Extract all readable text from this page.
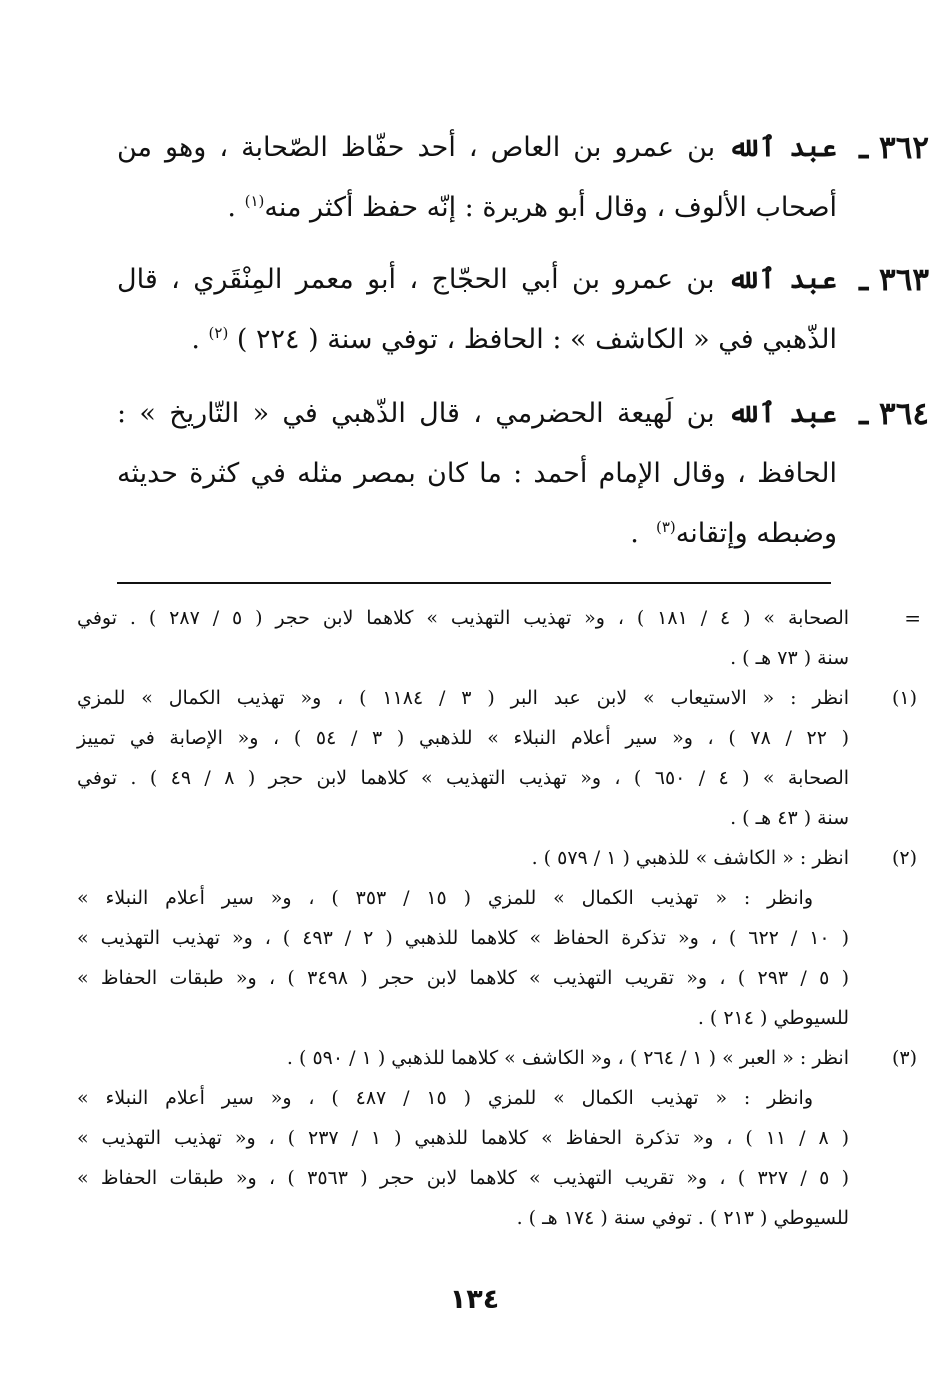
٣٦٢ ـ
عبد ٱلله بن عمرو بن العاص ، أحد حفّاظ الصّحابة ، وهو من
أصحاب الألوف ، وقال أبو هريرة : إنّه حفظ أكثر منه$^{(١)}$ .
٣٦٣ ـ
عبد ٱلله بن عمرو بن أبي الحجّاج ، أبو معمر المِنْقَري ، قال
الذّهبي في « الكاشف » : الحافظ ، توفي سنة ( ٢٢٤ ) $^{(٢)}$ .
٣٦٤ ـ
عبد ٱلله بن لَهيعة الحضرمي ، قال الذّهبي في « التّاريخ » :
الحافظ ، وقال الإمام أحمد : ما كان بمصر مثله في كثرة حديثه
وضبطه وإتقانه$^{(٣)}$  .
=
الصحابة » ( ٤ / ١٨١ ) ، و« تهذيب التهذيب » كلاهما لابن حجر ( ٥ / ٢٨٧ ) . توفي
سنة ( ٧٣ هـ ) .
(١)
انظر : « الاستيعاب » لابن عبد البر ( ٣ / ١١٨٤ ) ، و« تهذيب الكمال » للمزي
( ٢٢ / ٧٨ ) ، و« سير أعلام النبلاء » للذهبي ( ٣ / ٥٤ ) ، و« الإصابة في تمييز
الصحابة » ( ٤ / ٦٥٠ ) ، و« تهذيب التهذيب » كلاهما لابن حجر ( ٨ / ٤٩ ) . توفي
سنة ( ٤٣ هـ ) .
(٢)
انظر : « الكاشف » للذهبي ( ١ / ٥٧٩ ) .
وانظر : « تهذيب الكمال » للمزي ( ١٥ / ٣٥٣ ) ، و« سير أعلام النبلاء »
( ١٠ / ٦٢٢ ) ، و« تذكرة الحفاظ » كلاهما للذهبي ( ٢ / ٤٩٣ ) ، و« تهذيب التهذيب »
( ٥ / ٢٩٣ ) ، و« تقريب التهذيب » كلاهما لابن حجر ( ٣٤٩٨ ) ، و« طبقات الحفاظ »
للسيوطي ( ٢١٤ ) .
(٣)
انظر : « العبر » ( ١ / ٢٦٤ ) ، و« الكاشف » كلاهما للذهبي ( ١ / ٥٩٠ ) .
وانظر : « تهذيب الكمال » للمزي ( ١٥ / ٤٨٧ ) ، و« سير أعلام النبلاء »
( ٨ / ١١ ) ، و« تذكرة الحفاظ » كلاهما للذهبي ( ١ / ٢٣٧ ) ، و« تهذيب التهذيب »
( ٥ / ٣٢٧ ) ، و« تقريب التهذيب » كلاهما لابن حجر ( ٣٥٦٣ ) ، و« طبقات الحفاظ »
للسيوطي ( ٢١٣ ) . توفي سنة ( ١٧٤ هـ ) .
١٣٤
